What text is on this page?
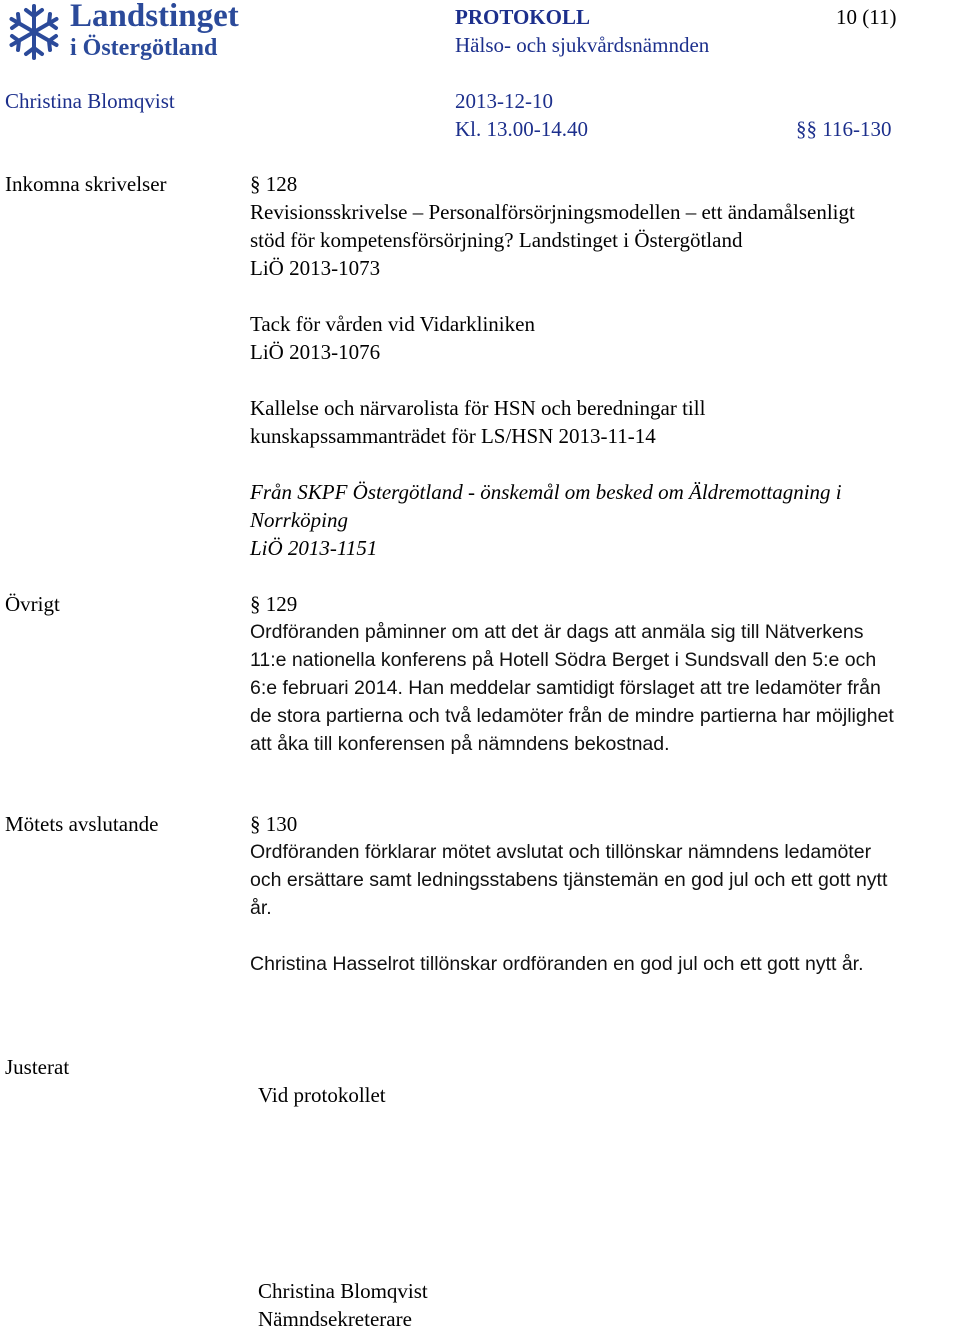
Landstinget
i Östergötland
PROTOKOLL	10 (11)
Hälso- och sjukvårdsnämnden
Christina Blomqvist	2013-12-10
Kl. 13.00-14.40	§§ 116-130
Inkomna skrivelser	§ 128
Revisionsskrivelse – Personalförsörjningsmodellen – ett ändamålsenligt
stöd för kompetensförsörjning? Landstinget i Östergötland
LiÖ 2013-1073
Tack för vården vid Vidarkliniken
LiÖ 2013-1076
Kallelse och närvarolista för HSN och beredningar till
kunskapssammanträdet för LS/HSN 2013-11-14
Från SKPF Östergötland - önskemål om besked om Äldremottagning i
Norrköping
LiÖ 2013-1151
Övrigt	§ 129
Ordföranden påminner om att det är dags att anmäla sig till Nätverkens
11:e nationella konferens på Hotell Södra Berget i Sundsvall den 5:e och
6:e februari 2014. Han meddelar samtidigt förslaget att tre ledamöter från
de stora partierna och två ledamöter från de mindre partierna har möjlighet
att åka till konferensen på nämndens bekostnad.
Mötets avslutande	§ 130
Ordföranden förklarar mötet avslutat och tillönskar nämndens ledamöter
och ersättare samt ledningsstabens tjänstemän en god jul och ett gott nytt
år.
Christina Hasselrot tillönskar ordföranden en god jul och ett gott nytt år.
Justerat
Vid protokollet
Christina Blomqvist
Nämndsekreterare
